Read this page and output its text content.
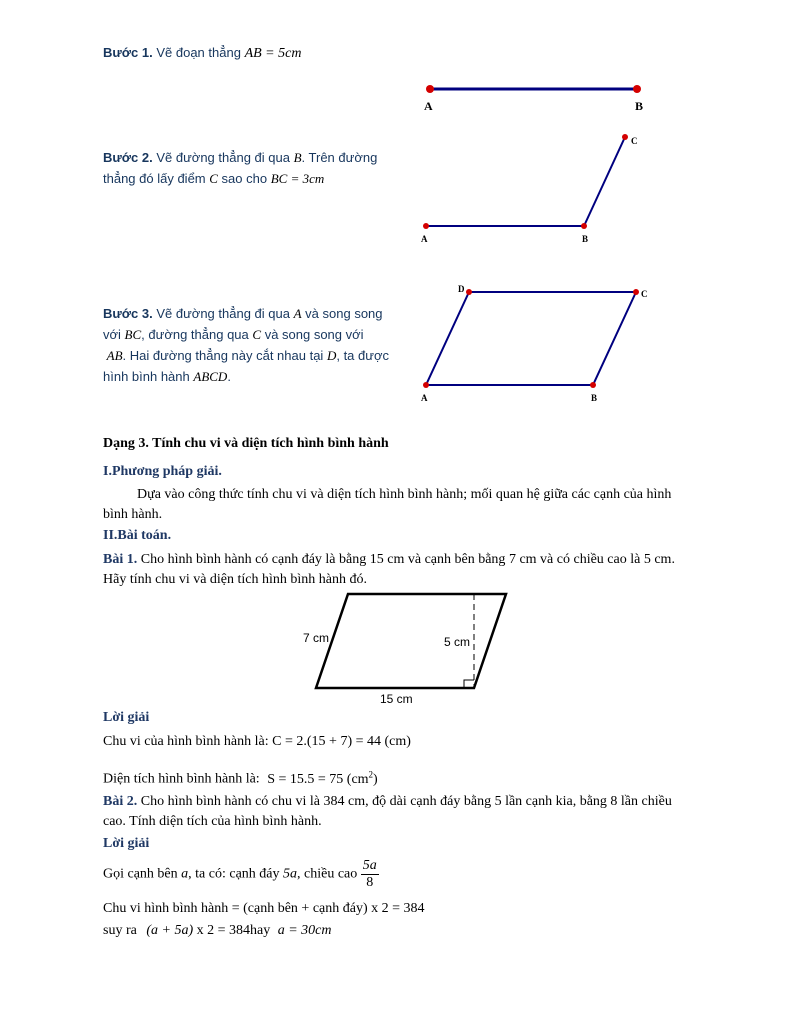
Bước 1. Vẽ đoạn thẳng AB = 5cm
A	B
Bước 2. Vẽ đường thẳng đi qua B. Trên đường
thẳng đó lấy điểm C sao cho BC = 3cm
A	B
C
Bước 3. Vẽ đường thẳng đi qua A và song song
với BC, đường thẳng qua C và song song với
AB. Hai đường thẳng này cắt nhau tại D, ta được
hình bình hành ABCD.
A	B
C
D
Dạng 3. Tính chu vi và diện tích hình bình hành
I.Phương pháp giải.
Dựa vào công thức tính chu vi và diện tích hình bình hành; mối quan hệ giữa các cạnh của hình
bình hành.
II.Bài toán.
Bài 1. Cho hình bình hành có cạnh đáy là bằng 15 cm và cạnh bên bằng 7 cm và có chiều cao là 5 cm.
Hãy tính chu vi và diện tích hình bình hành đó.
7 cm	5 cm
15 cm
Lời giải
Chu vi của hình bình hành là: C = 2.(15 + 7) = 44 (cm)
Diện tích hình bình hành là: S = 15.5 = 75 $(cm^2)$
Bài 2. Cho hình bình hành có chu vi là 384 cm, độ dài cạnh đáy bằng 5 lần cạnh kia, bằng 8 lần chiều
cao. Tính diện tích của hình bình hành.
Lời giải
Gọi cạnh bên a, ta có: cạnh đáy 5a, chiều cao $\frac{5a}{8}$
Chu vi hình bình hành = (cạnh bên + cạnh đáy) x 2 = 384
suy ra (a + 5a) x 2 = 384hay a = 30cm
